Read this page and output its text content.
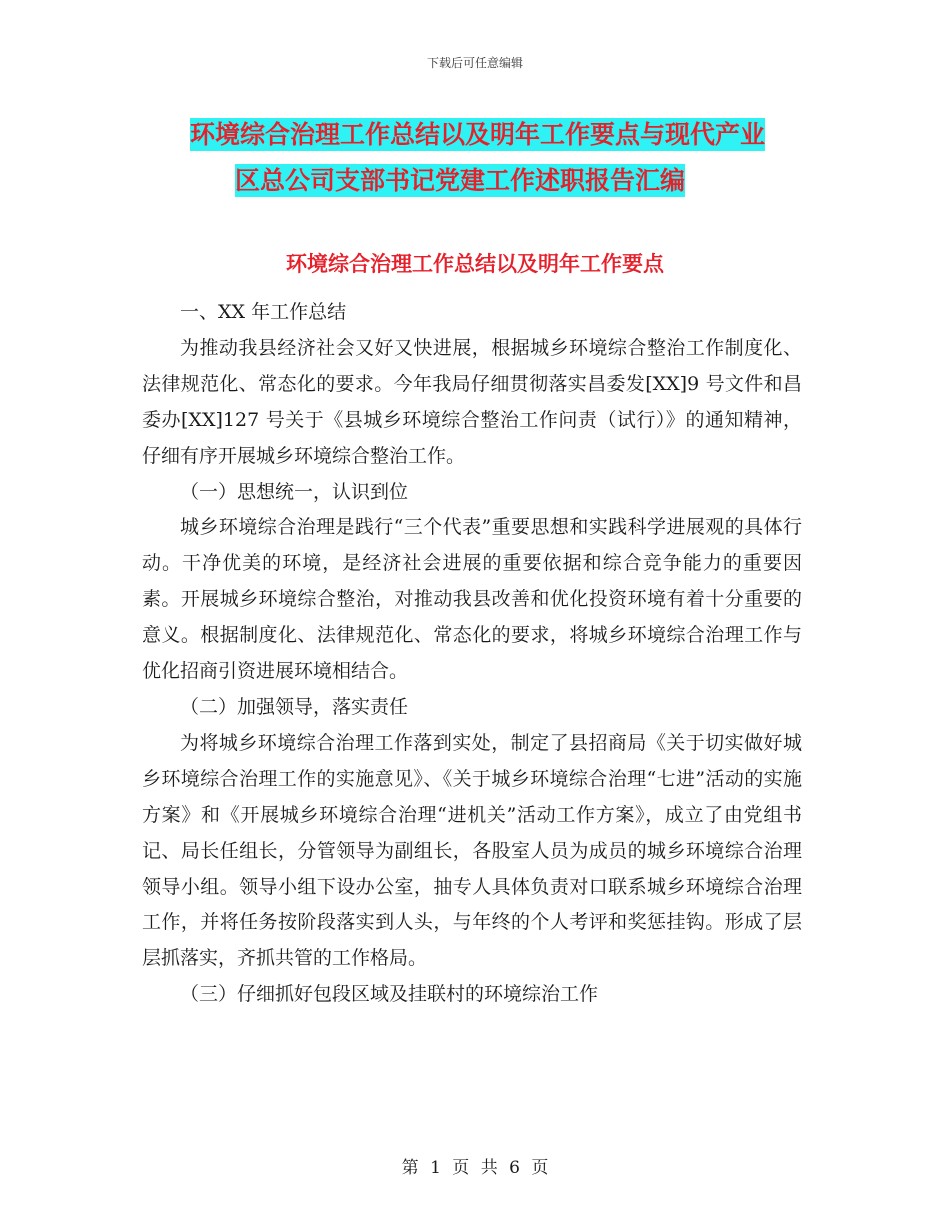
下载后可任意编辑
环境综合治理工作总结以及明年工作要点与现代产业
区总公司支部书记党建工作述职报告汇编
环境综合治理工作总结以及明年工作要点

一、XX 年工作总结

为推动我县经济社会又好又快进展，根据城乡环境综合整治工作制度化、法律规范化、常态化的要求。今年我局仔细贯彻落实昌委发[XX]9 号文件和昌委办[XX]127 号关于《县城乡环境综合整治工作问责（试行）》的通知精神，仔细有序开展城乡环境综合整治工作。

（一）思想统一，认识到位

城乡环境综合治理是践行“三个代表”重要思想和实践科学进展观的具体行动。干净优美的环境，是经济社会进展的重要依据和综合竞争能力的重要因素。开展城乡环境综合整治，对推动我县改善和优化投资环境有着十分重要的意义。根据制度化、法律规范化、常态化的要求，将城乡环境综合治理工作与优化招商引资进展环境相结合。

（二）加强领导，落实责任

为将城乡环境综合治理工作落到实处，制定了县招商局《关于切实做好城乡环境综合治理工作的实施意见》、《关于城乡环境综合治理“七进”活动的实施方案》和《开展城乡环境综合治理“进机关”活动工作方案》，成立了由党组书记、局长任组长，分管领导为副组长，各股室人员为成员的城乡环境综合治理领导小组。领导小组下设办公室，抽专人具体负责对口联系城乡环境综合治理工作，并将任务按阶段落实到人头，与年终的个人考评和奖惩挂钩。形成了层层抓落实，齐抓共管的工作格局。

（三）仔细抓好包段区域及挂联村的环境综治工作

第 1 页 共 6 页
